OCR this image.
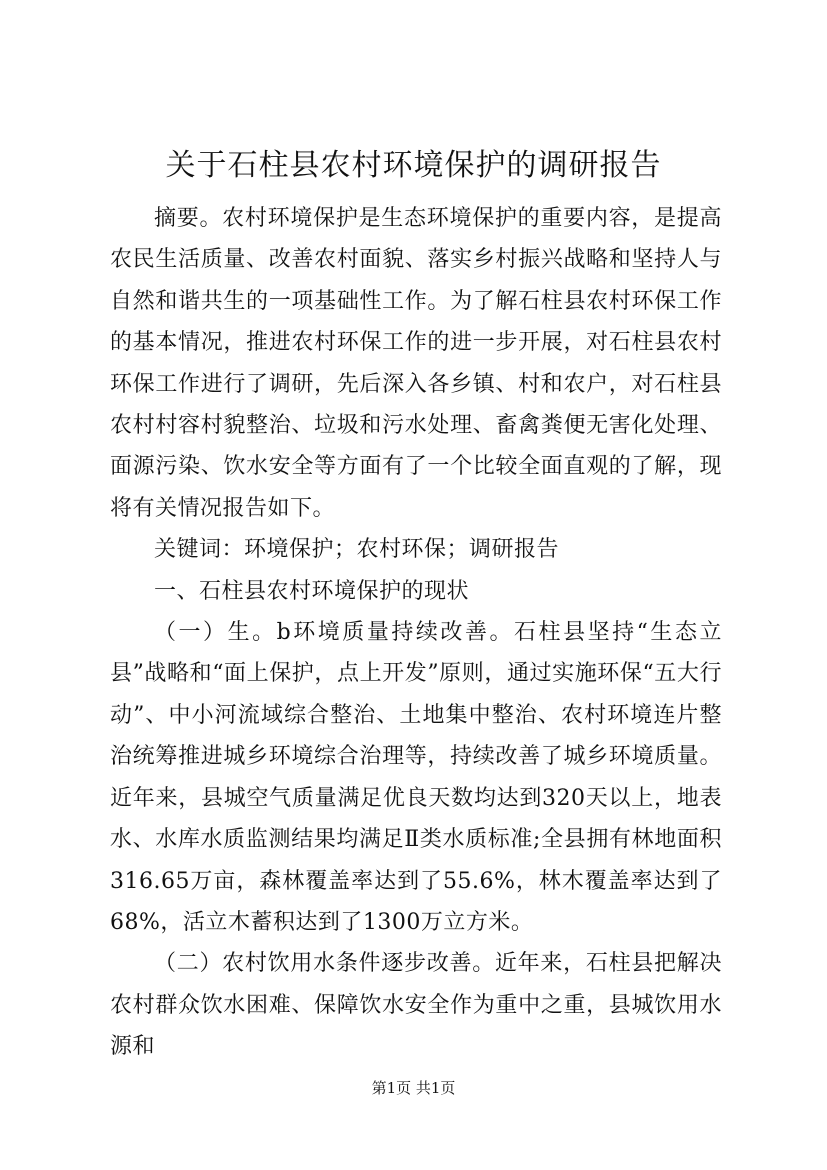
关于石柱县农村环境保护的调研报告

摘要。农村环境保护是生态环境保护的重要内容，是提高农民生活质量、改善农村面貌、落实乡村振兴战略和坚持人与自然和谐共生的一项基础性工作。为了解石柱县农村环保工作的基本情况，推进农村环保工作的进一步开展，对石柱县农村环保工作进行了调研，先后深入各乡镇、村和农户，对石柱县农村村容村貌整治、垃圾和污水处理、畜禽粪便无害化处理、面源污染、饮水安全等方面有了一个比较全面直观的了解，现将有关情况报告如下。

关键词：环境保护；农村环保；调研报告

一、石柱县农村环境保护的现状

（一）生。b环境质量持续改善。石柱县坚持“生态立县”战略和“面上保护，点上开发”原则，通过实施环保“五大行动”、中小河流域综合整治、土地集中整治、农村环境连片整治统筹推进城乡环境综合治理等，持续改善了城乡环境质量。近年来，县城空气质量满足优良天数均达到320天以上，地表水、水库水质监测结果均满足Ⅱ类水质标准;全县拥有林地面积316.65万亩，森林覆盖率达到了55.6%，林木覆盖率达到了68%，活立木蓄积达到了1300万立方米。

（二）农村饮用水条件逐步改善。近年来，石柱县把解决农村群众饮水困难、保障饮水安全作为重中之重，县城饮用水源和

第1页 共1页
